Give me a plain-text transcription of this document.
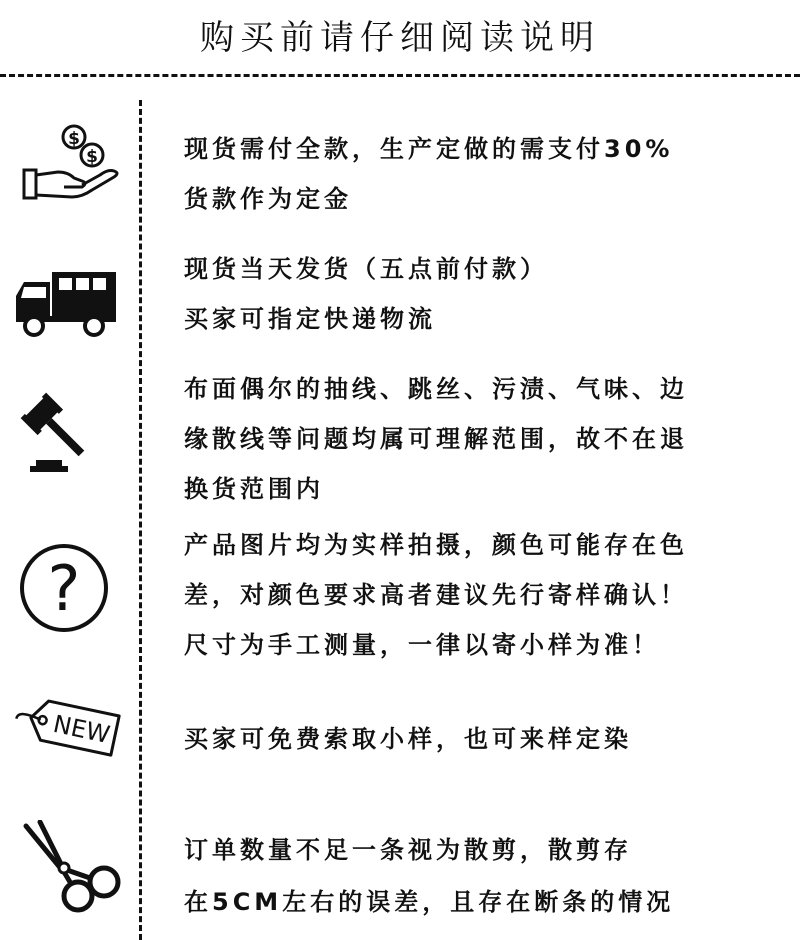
购买前请仔细阅读说明
$
$	现货需付全款，生产定做的需支付30%
货款作为定金
现货当天发货（五点前付款）
买家可指定快递物流
布面偶尔的抽线、跳丝、污渍、气味、边
缘散线等问题均属可理解范围，故不在退
换货范围内
?
产品图片均为实样拍摄，颜色可能存在色
差，对颜色要求高者建议先行寄样确认！
尺寸为手工测量，一律以寄小样为准！
NEW	买家可免费索取小样，也可来样定染
订单数量不足一条视为散剪，散剪存
在5CM左右的误差，且存在断条的情况
